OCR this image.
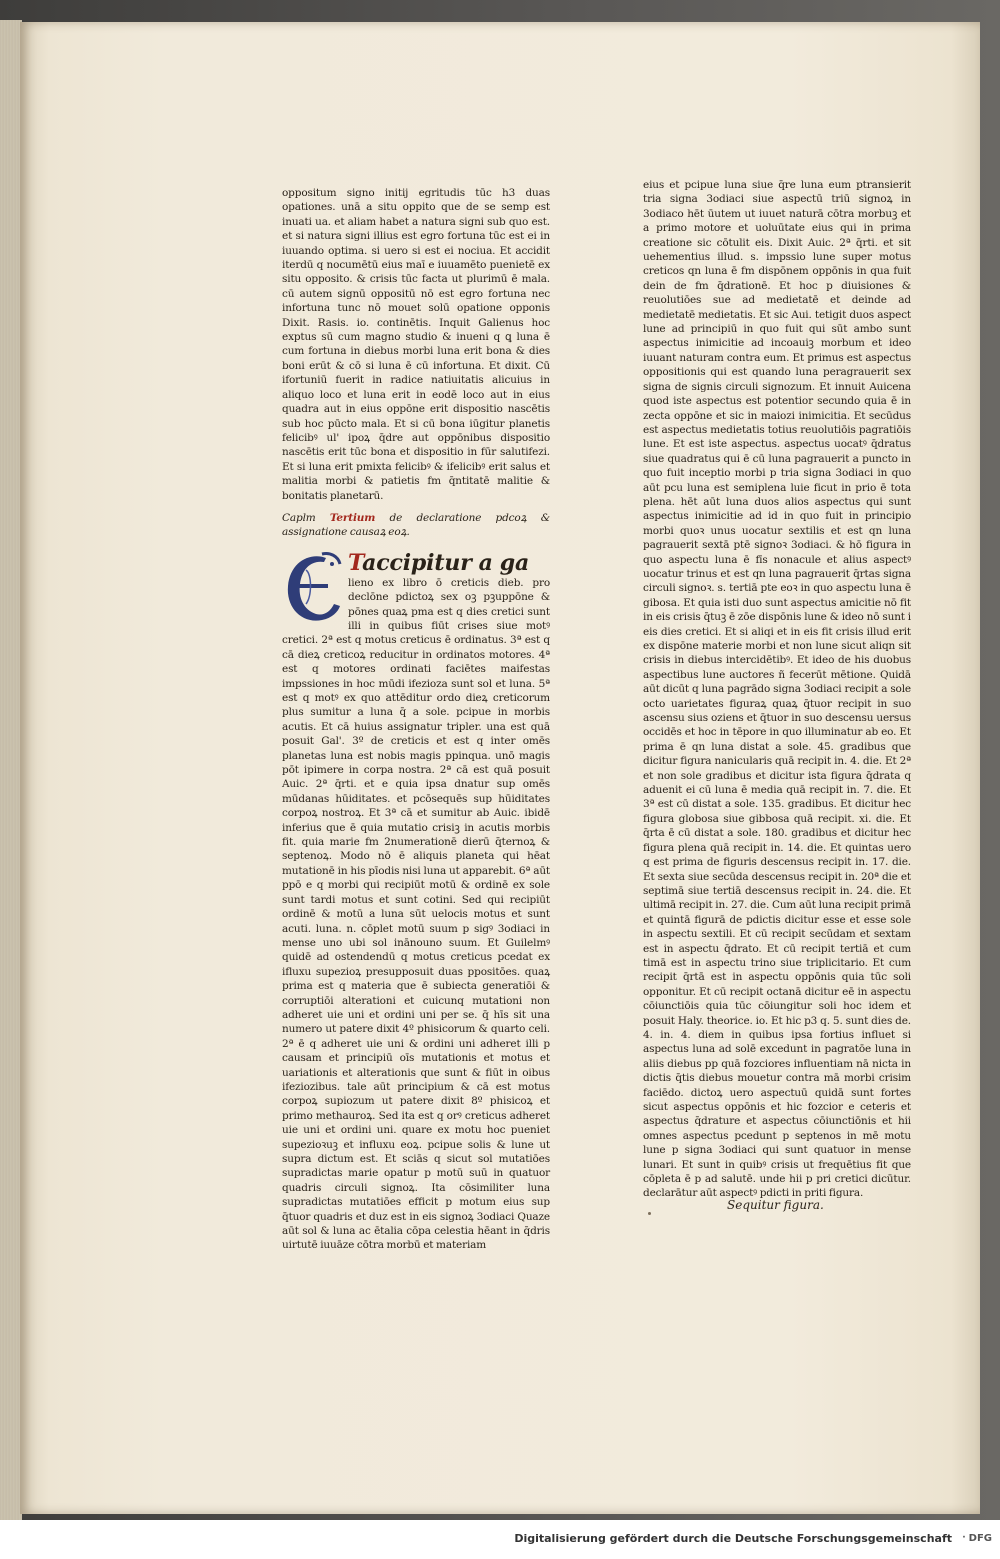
oppositum signo initij egritudis tūc h3 duas opationes. unā a situ oppito que de se semp est inuati ua. et aliam habet a natura signi sub quo est. et si natura signi illius est egro fortuna tūc est ei in iuuando optima. si uero si est ei nociua. Et accidit iterdū q nocumētū eius maī e iuuamēto puenietē ex situ opposito. & crisis tūc facta ut plurimū ē mala. cū autem signū oppositū nō est egro fortuna nec infortuna tunc nō mouet solū opatione opponis Dixit. Rasis. io. continētis. Inquit Galienus hoc exptus sū cum magno studio & inueni q ꝗ luna ē cum fortuna in diebus morbi luna erit bona & dies boni erūt & cō si luna ē cū infortuna. Et dixit. Cū ifortuniū fuerit in radice natiuitatis alicuius in aliquo loco et luna erit in eodē loco aut in eius quadra aut in eius oppōne erit dispositio nascētis sub hoc pūcto mala. Et si cū bona iūgitur planetis felicibꝰ ul' ipoꝝ q̄dre aut oppōnibus dispositio nascētis erit tūc bona et dispositio in fūr salutifezi. Et si luna erit pmixta felicibꝰ & ifelicibꝰ erit salus et malitia morbi & patietis fm q̄ntitatē malitie & bonitatis planetarū.

Caplm Tertium de declaratione pdcoꝝ & assignatione causaꝝ eoꝝ.

Taccipitur a ga

lieno ex libro ō creticis dieb. pro declōne pdictoꝝ sex oꝫ pꝫuppōne & pōnes quaꝝ pma est q dies cretici sunt illi in quibus fiūt crises siue motꝰ cretici. 2ª est q motus creticus ē ordinatus. 3ª est q cā dieꝝ creticoꝝ reducitur in ordinatos motores. 4ª est q motores ordinati faciētes maifestas impssiones in hoc mūdi ifezioza sunt sol et luna. 5ª est q motꝰ ex quo attēditur ordo dieꝝ creticorum plus sumitur a luna q̄ a sole. pcipue in morbis acutis. Et cā huius assignatur tripler. una est quā posuit Gal'. 3º de creticis et est q inter omēs planetas luna est nobis magis ppinqua. unō magis pōt ipimere in corpa nostra. 2ª cā est quā posuit Auic. 2ª q̄rti. et e quia ipsa dnatur sup omēs mūdanas hūiditates. et pcōsequēs sup hūiditates corpoꝝ nostroꝝ. Et 3ª cā et sumitur ab Auic. ibidē inferius que ē quia mutatio crisiꝫ in acutis morbis fit. quia marie fm 2numerationē dierū q̄ternoꝝ & septenoꝝ. Modo nō ē aliquis planeta qui hēat mutationē in his pīodis nisi luna ut apparebit. 6ª aūt ppō e q morbi qui recipiūt motū & ordinē ex sole sunt tardi motus et sunt cotini. Sed qui recipiūt ordinē & motū a luna sūt uelocis motus et sunt acuti. luna. n. cōplet motū suum p sigꝰ 3odiaci in mense uno ubi sol inānouno suum. Et Guilelmꝰ quidē ad ostendendū q motus creticus pcedat ex ifluxu supezioꝝ presupposuit duas ppositōes. quaꝝ prima est q materia que ē subiecta generatiōi & corruptiōi alterationi et cuicunq mutationi non adheret uie uni et ordini uni per se. q̄ hīs sit una numero ut patere dixit 4º phisicorum & quarto celi. 2ª ē q adheret uie uni & ordini uni adheret illi p causam et principiū oīs mutationis et motus et uariationis et alterationis que sunt & fiūt in oibus ifeziozibus. tale aūt principium & cā est motus corpoꝝ supiozum ut patere dixit 8º phisicoꝝ et primo methauroꝝ. Sed ita est q orꝰ creticus adheret uie uni et ordini uni. quare ex motu hoc pueniet supezioꝛuꝫ et influxu eoꝝ. pcipue solis & lune ut supra dictum est. Et sciās q sicut sol mutatiōes supradictas marie opatur p motū suū in quatuor quadris circuli signoꝝ. Ita cōsimiliter luna supradictas mutatiōes efficit p motum eius sup q̄tuor quadris et duz est in eis signoꝝ 3odiaci Quaze aūt sol & luna ac ētalia cōpa celestia hēant in q̄dris uirtutē iuuāze cōtra morbū et materiam

eius et pcipue luna siue q̄re luna eum ptransierit tria signa 3odiaci siue aspectū triū signoꝝ in 3odiaco hēt ūutem ut iuuet naturā cōtra morbuꝫ et a primo motore et uoluūtate eius qui in prima creatione sic cōtulit eis. Dixit Auic. 2ª q̄rti. et sit uehementius illud. s. impssio lune super motus creticos qn luna ē fm dispōnem oppōnis in qua fuit dein de fm q̄drationē. Et hoc p diuisiones & reuolutiōes sue ad medietatē et deinde ad medietatē medietatis. Et sic Aui. tetigit duos aspect lune ad principiū in quo fuit qui sūt ambo sunt aspectus inimicitie ad incoauiꝫ morbum et ideo iuuant naturam contra eum. Et primus est aspectus oppositionis qui est quando luna peragrauerit sex signa de signis circuli signozum. Et innuit Auicena quod iste aspectus est potentior secundo quia ē in zecta oppōne et sic in maiozi inimicitia. Et secūdus est aspectus medietatis totius reuolutiōis pagratiōis lune. Et est iste aspectus. aspectus uocatꝰ q̄dratus siue quadratus qui ē cū luna pagrauerit a puncto in quo fuit inceptio morbi p tria signa 3odiaci in quo aūt pcu luna est semiplena luie ficut in prio ē tota plena. hēt aūt luna duos alios aspectus qui sunt aspectus inimicitie ad id in quo fuit in principio morbi quoꝛ unus uocatur sextilis et est qn luna pagrauerit sextā ptē signoꝛ 3odiaci. & hō figura in quo aspectu luna ē fīs nonacule et alius aspectꝰ uocatur trinus et est qn luna pagrauerit q̄rtas signa circuli signoꝛ. s. tertiā pte eoꝛ in quo aspectu luna ē gibosa. Et quia isti duo sunt aspectus amicitie nō fit in eis crisis q̄tuꝫ ē zōe dispōnis lune & ideo nō sunt i eis dies cretici. Et si aliqi et in eis fit crisis illud erit ex dispōne materie morbi et non lune sicut aliqn sit crisis in diebus intercidētibꝰ. Et ideo de his duobus aspectibus lune auctores ñ fecerūt mētione. Quidā aūt dicūt q luna pagrādo signa 3odiaci recipit a sole octo uarietates figuraꝝ quaꝝ q̄tuor recipit in suo ascensu sius oziens et q̄tuor in suo descensu uersus occidēs et hoc in tēpore in quo illuminatur ab eo. Et prima ē qn luna distat a sole. 45. gradibus que dicitur figura nanicularis quā recipit in. 4. die. Et 2ª et non sole gradibus et dicitur ista figura q̄drata q aduenit ei cū luna ē media quā recipit in. 7. die. Et 3ª est cū distat a sole. 135. gradibus. Et dicitur hec figura globosa siue gibbosa quā recipit. xi. die. Et q̄rta ē cū distat a sole. 180. gradibus et dicitur hec figura plena quā recipit in. 14. die. Et quintas uero q est prima de figuris descensus recipit in. 17. die. Et sexta siue secūda descensus recipit in. 20ª die et septimā siue tertiā descensus recipit in. 24. die. Et ultimā recipit in. 27. die. Cum aūt luna recipit primā et quintā figurā de pdictis dicitur esse et esse sole in aspectu sextili. Et cū recipit secūdam et sextam est in aspectu q̄drato. Et cū recipit tertiā et cum timā est in aspectu trino siue triplicitario. Et cum recipit q̄rtā est in aspectu oppōnis quia tūc soli opponitur. Et cū recipit octanā dicitur eē in aspectu cōiunctiōis quia tūc cōiungitur soli hoc idem et posuit Haly. theorice. io. Et hic p3 q. 5. sunt dies de. 4. in. 4. diem in quibus ipsa fortius influet si aspectus luna ad solē excedunt in pagratōe luna in aliis diebus pp quā fozciores influentiam nā nicta in dictis q̄tis diebus mouetur contra mā morbi crisim faciēdo. dictoꝝ uero aspectuū quidā sunt fortes sicut aspectus oppōnis et hic fozcior e ceteris et aspectus q̄drature et aspectus cōiunctiōnis et hii omnes aspectus pcedunt p septenos in mē motu lune p signa 3odiaci qui sunt quatuor in mense lunari. Et sunt in quibꝰ crisis ut frequētius fit que cōpleta ē p ad salutē. unde hii p pri cretici dicūtur. declarātur aūt aspectꝰ pdicti in priti figura.

Sequitur figura.
Digitalisierung gefördert durch die Deutsche Forschungsgemeinschaft · DFG
